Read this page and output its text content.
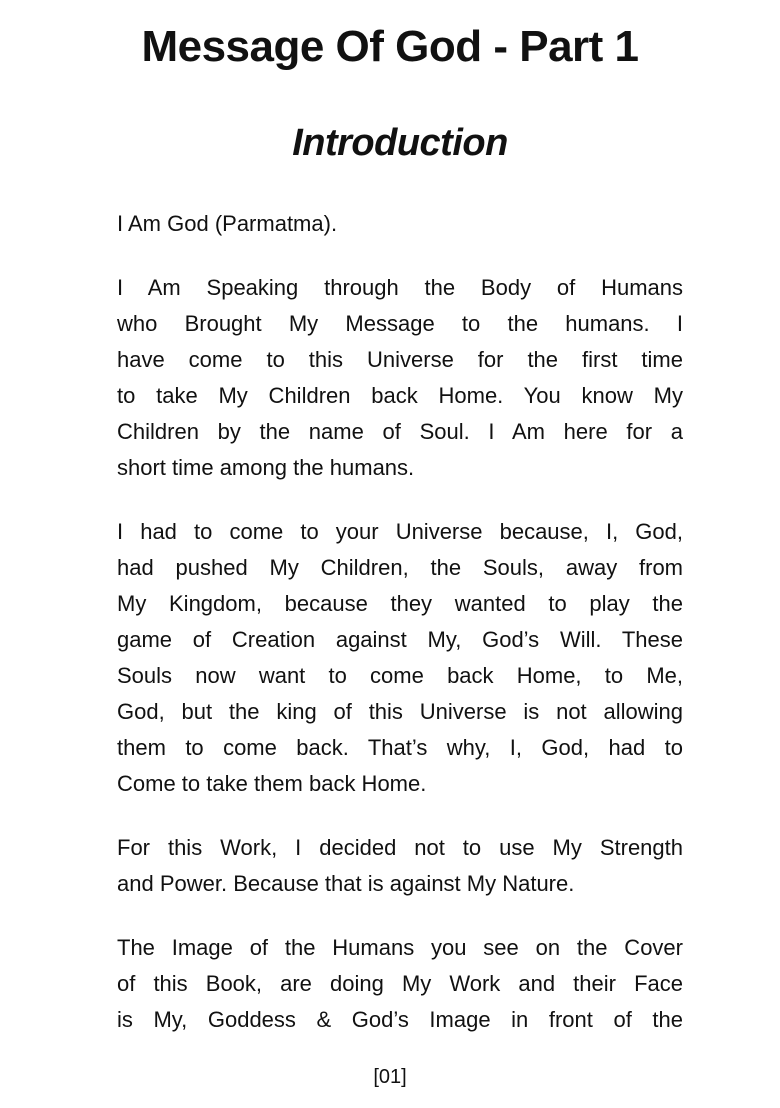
Message Of God - Part 1
Introduction
I Am God (Parmatma).
I Am Speaking through the Body of Humans
who Brought My Message to the humans. I
have come to this Universe for the first time
to take My Children back Home. You know My
Children by the name of Soul. I Am here for a
short time among the humans.
I had to come to your Universe because, I, God,
had pushed My Children, the Souls, away from
My Kingdom, because they wanted to play the
game of Creation against My, God’s Will. These
Souls now want to come back Home, to Me,
God, but the king of this Universe is not allowing
them to come back. That’s why, I, God, had to
Come to take them back Home.
For this Work, I decided not to use My Strength
and Power. Because that is against My Nature.
The Image of the Humans you see on the Cover
of this Book, are doing My Work and their Face
is My, Goddess & God’s Image in front of the
[01]
